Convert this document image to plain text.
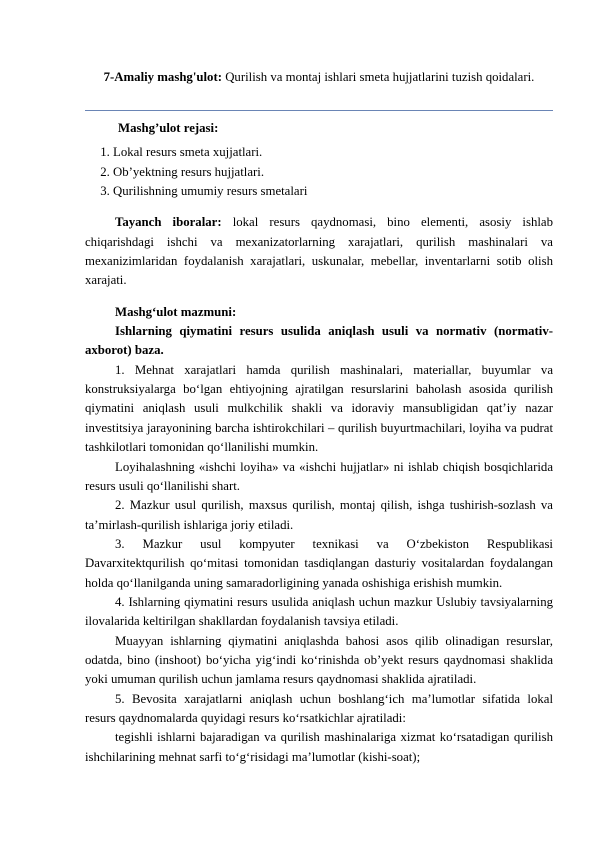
7-Amaliy mashg'ulot: Qurilish va montaj ishlari smeta hujjatlarini tuzish qoidalari.

Mashg’ulot rejasi:

1. Lokal resurs smeta xujjatlari.
2. Ob’yektning resurs hujjatlari.
3. Qurilishning umumiy resurs smetalari

Tayanch iboralar: lokal resurs qaydnomasi, bino elementi, asosiy ishlab chiqarishdagi ishchi va mexanizatorlarning xarajatlari, qurilish mashinalari va mexanizimlaridan foydalanish xarajatlari, uskunalar, mebellar, inventarlarni sotib olish xarajati.

Mashg‘ulot mazmuni:

Ishlarning qiymatini resurs usulida aniqlash usuli va normativ (normativ-axborot) baza.

1. Mehnat xarajatlari hamda qurilish mashinalari, materiallar, buyumlar va konstruksiyalarga bo‘lgan ehtiyojning ajratilgan resurslarini baholash asosida qurilish qiymatini aniqlash usuli mulkchilik shakli va idoraviy mansubligidan qat’iy nazar investitsiya jarayonining barcha ishtirokchilari – qurilish buyurtmachilari, loyiha va pudrat tashkilotlari tomonidan qo‘llanilishi mumkin.

Loyihalashning «ishchi loyiha» va «ishchi hujjatlar» ni ishlab chiqish bosqichlarida resurs usuli qo‘llanilishi shart.

2. Mazkur usul qurilish, maxsus qurilish, montaj qilish, ishga tushirish-sozlash va ta’mirlash-qurilish ishlariga joriy etiladi.

3. Mazkur usul kompyuter texnikasi va O‘zbekiston Respublikasi Davarxitektqurilish qo‘mitasi tomonidan tasdiqlangan dasturiy vositalardan foydalangan holda qo‘llanilganda uning samaradorligining yanada oshishiga erishish mumkin.

4. Ishlarning qiymatini resurs usulida aniqlash uchun mazkur Uslubiy tavsiyalarning ilovalarida keltirilgan shakllardan foydalanish tavsiya etiladi.

Muayyan ishlarning qiymatini aniqlashda bahosi asos qilib olinadigan resurslar, odatda, bino (inshoot) bo‘yicha yig‘indi ko‘rinishda ob’yekt resurs qaydnomasi shaklida yoki umuman qurilish uchun jamlama resurs qaydnomasi shaklida ajratiladi.

5. Bevosita xarajatlarni aniqlash uchun boshlang‘ich ma’lumotlar sifatida lokal resurs qaydnomalarda quyidagi resurs ko‘rsatkichlar ajratiladi:

tegishli ishlarni bajaradigan va qurilish mashinalariga xizmat ko‘rsatadigan qurilish ishchilarining mehnat sarfi to‘g‘risidagi ma’lumotlar (kishi-soat);
